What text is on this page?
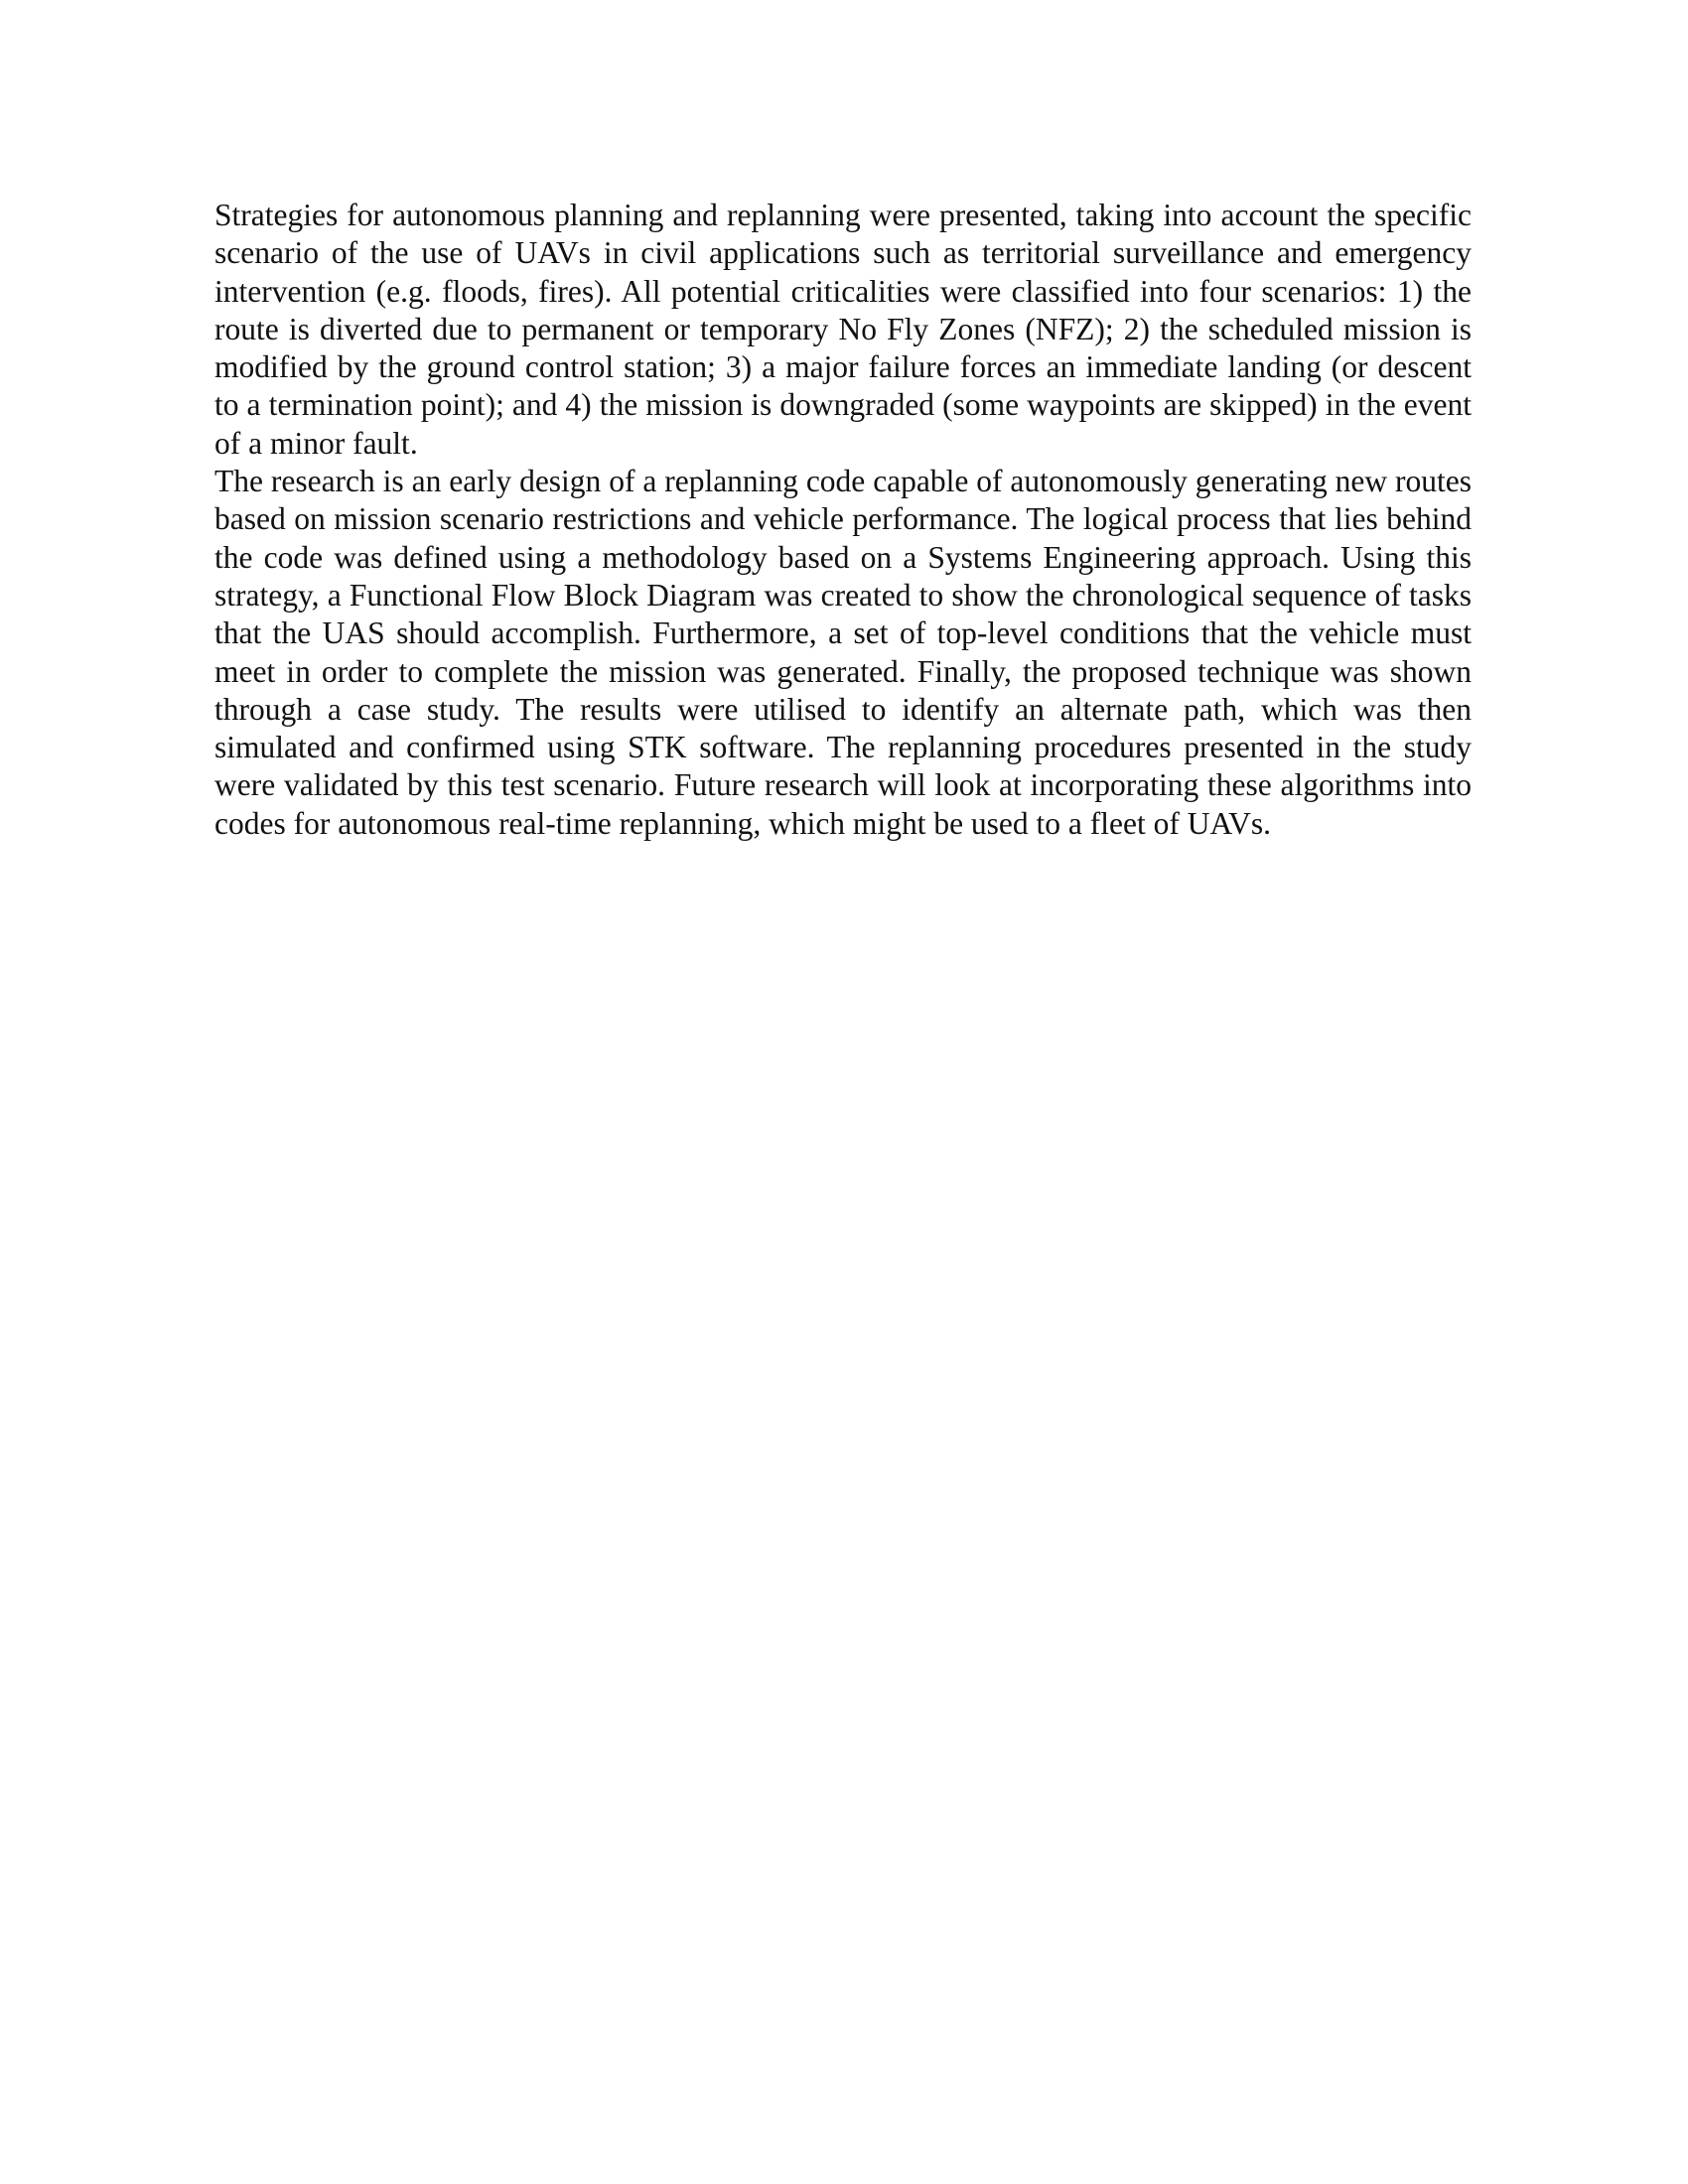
Strategies for autonomous planning and replanning were presented, taking into account the specific scenario of the use of UAVs in civil applications such as territorial surveillance and emergency intervention (e.g. floods, fires). All potential criticalities were classified into four scenarios: 1) the route is diverted due to permanent or temporary No Fly Zones (NFZ); 2) the scheduled mission is modified by the ground control station; 3) a major failure forces an immediate landing (or descent to a termination point); and 4) the mission is downgraded (some waypoints are skipped) in the event of a minor fault.

The research is an early design of a replanning code capable of autonomously generating new routes based on mission scenario restrictions and vehicle performance. The logical process that lies behind the code was defined using a methodology based on a Systems Engineering approach. Using this strategy, a Functional Flow Block Diagram was created to show the chronological sequence of tasks that the UAS should accomplish. Furthermore, a set of top-level conditions that the vehicle must meet in order to complete the mission was generated. Finally, the proposed technique was shown through a case study. The results were utilised to identify an alternate path, which was then simulated and confirmed using STK software. The replanning procedures presented in the study were validated by this test scenario. Future research will look at incorporating these algorithms into codes for autonomous real-time replanning, which might be used to a fleet of UAVs.
